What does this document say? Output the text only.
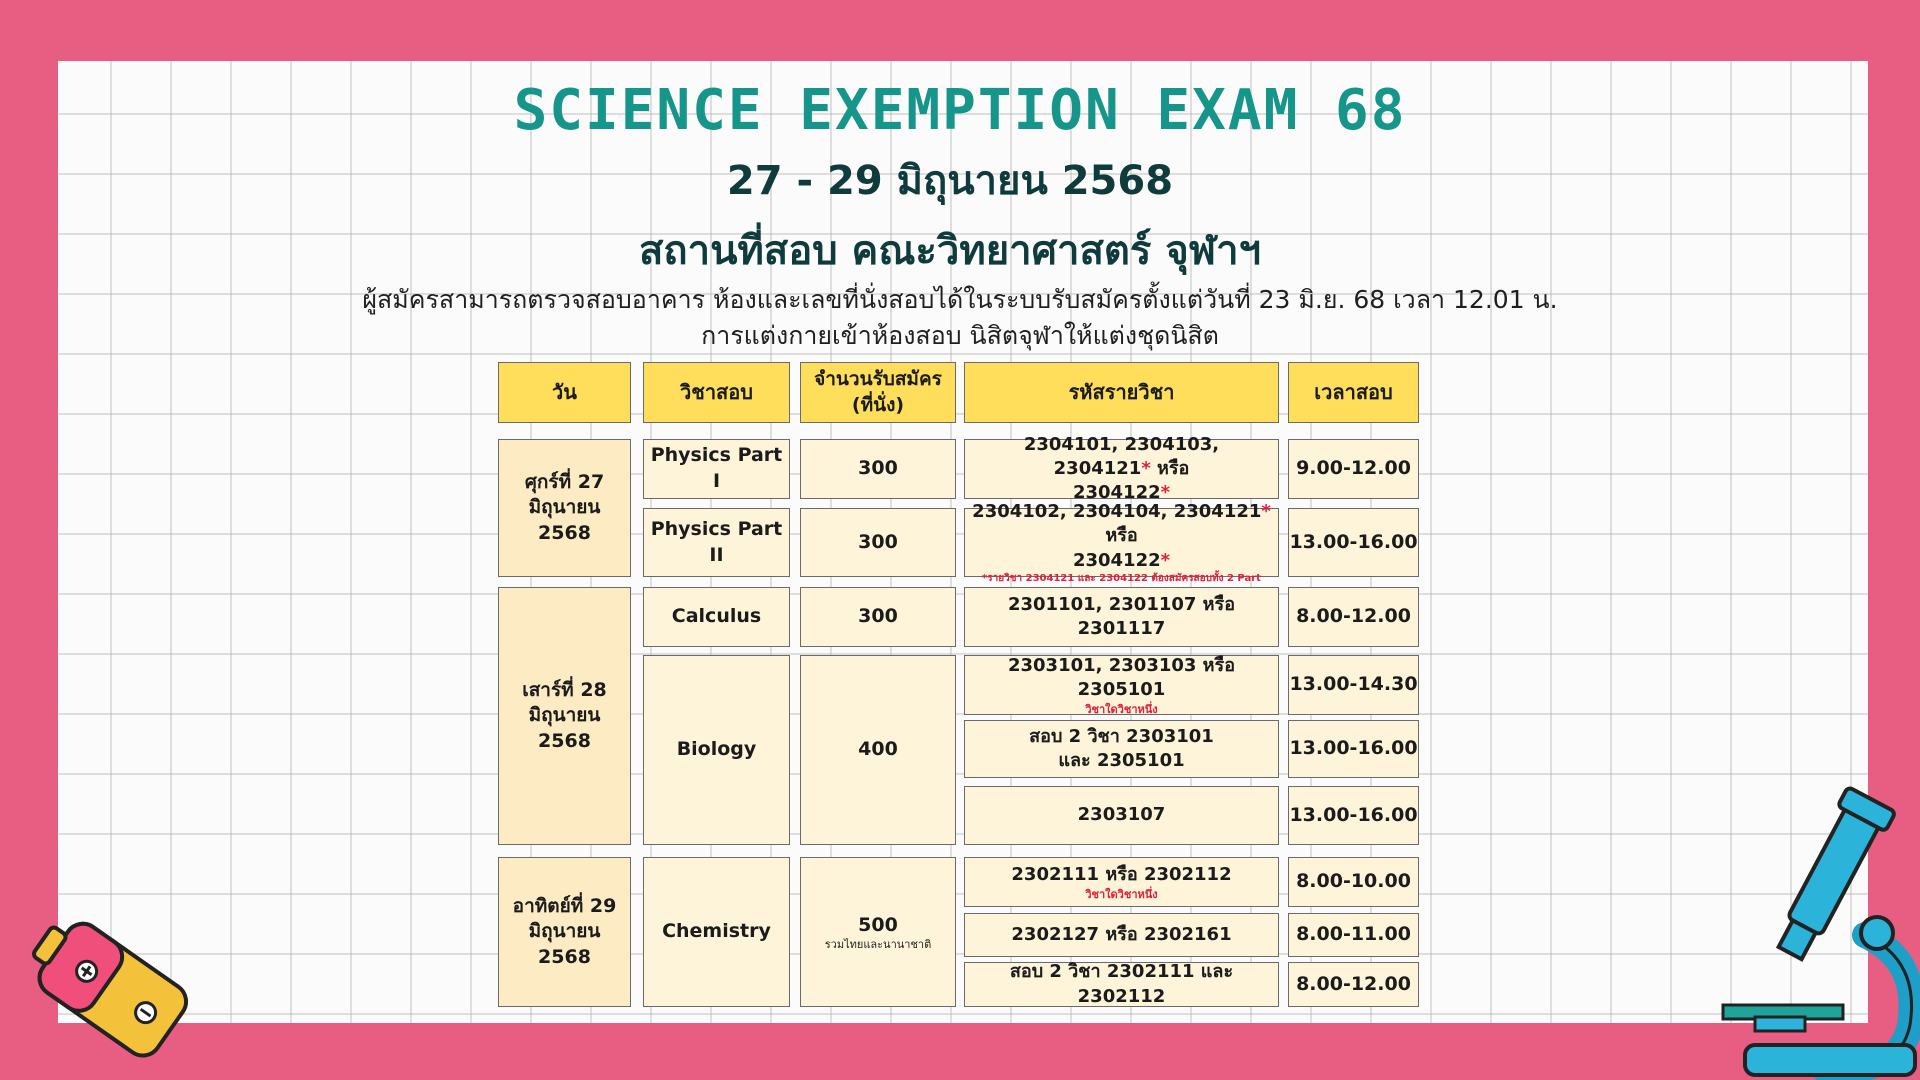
SCIENCE EXEMPTION EXAM 68
27 - 29 มิถุนายน 2568
สถานที่สอบ คณะวิทยาศาสตร์ จุฬาฯ
ผู้สมัครสามารถตรวจสอบอาคาร ห้องและเลขที่นั่งสอบได้ในระบบรับสมัครตั้งแต่วันที่ 23 มิ.ย. 68 เวลา 12.01 น.
การแต่งกายเข้าห้องสอบ นิสิตจุฬาให้แต่งชุดนิสิต
วัน	วิชาสอบ
จำนวนรับสมัคร (ที่นั่ง)
รหัสรายวิชา	เวลาสอบ
ศุกร์ที่ 27 มิถุนายน 2568
เสาร์ที่ 28 มิถุนายน 2568
อาทิตย์ที่ 29 มิถุนายน 2568
Physics Part I
Physics Part II
Calculus
Biology
Chemistry
300
300
300
400
500
รวมไทยและนานาชาติ
2304101, 2304103, 2304121* หรือ
2304122*
2304102, 2304104, 2304121* หรือ
2304122*
*รายวิชา 2304121 และ 2304122 ต้องสมัครสอบทั้ง 2 Part
2301101, 2301107 หรือ 2301117
2303101, 2303103 หรือ 2305101
วิชาใดวิชาหนึ่ง
สอบ 2 วิชา 2303101 และ 2305101
2303107
2302111 หรือ 2302112
วิชาใดวิชาหนึ่ง
2302127 หรือ 2302161
สอบ 2 วิชา 2302111 และ 2302112
9.00-12.00
13.00-16.00
8.00-12.00
13.00-14.30
13.00-16.00
13.00-16.00
8.00-10.00
8.00-11.00
8.00-12.00
